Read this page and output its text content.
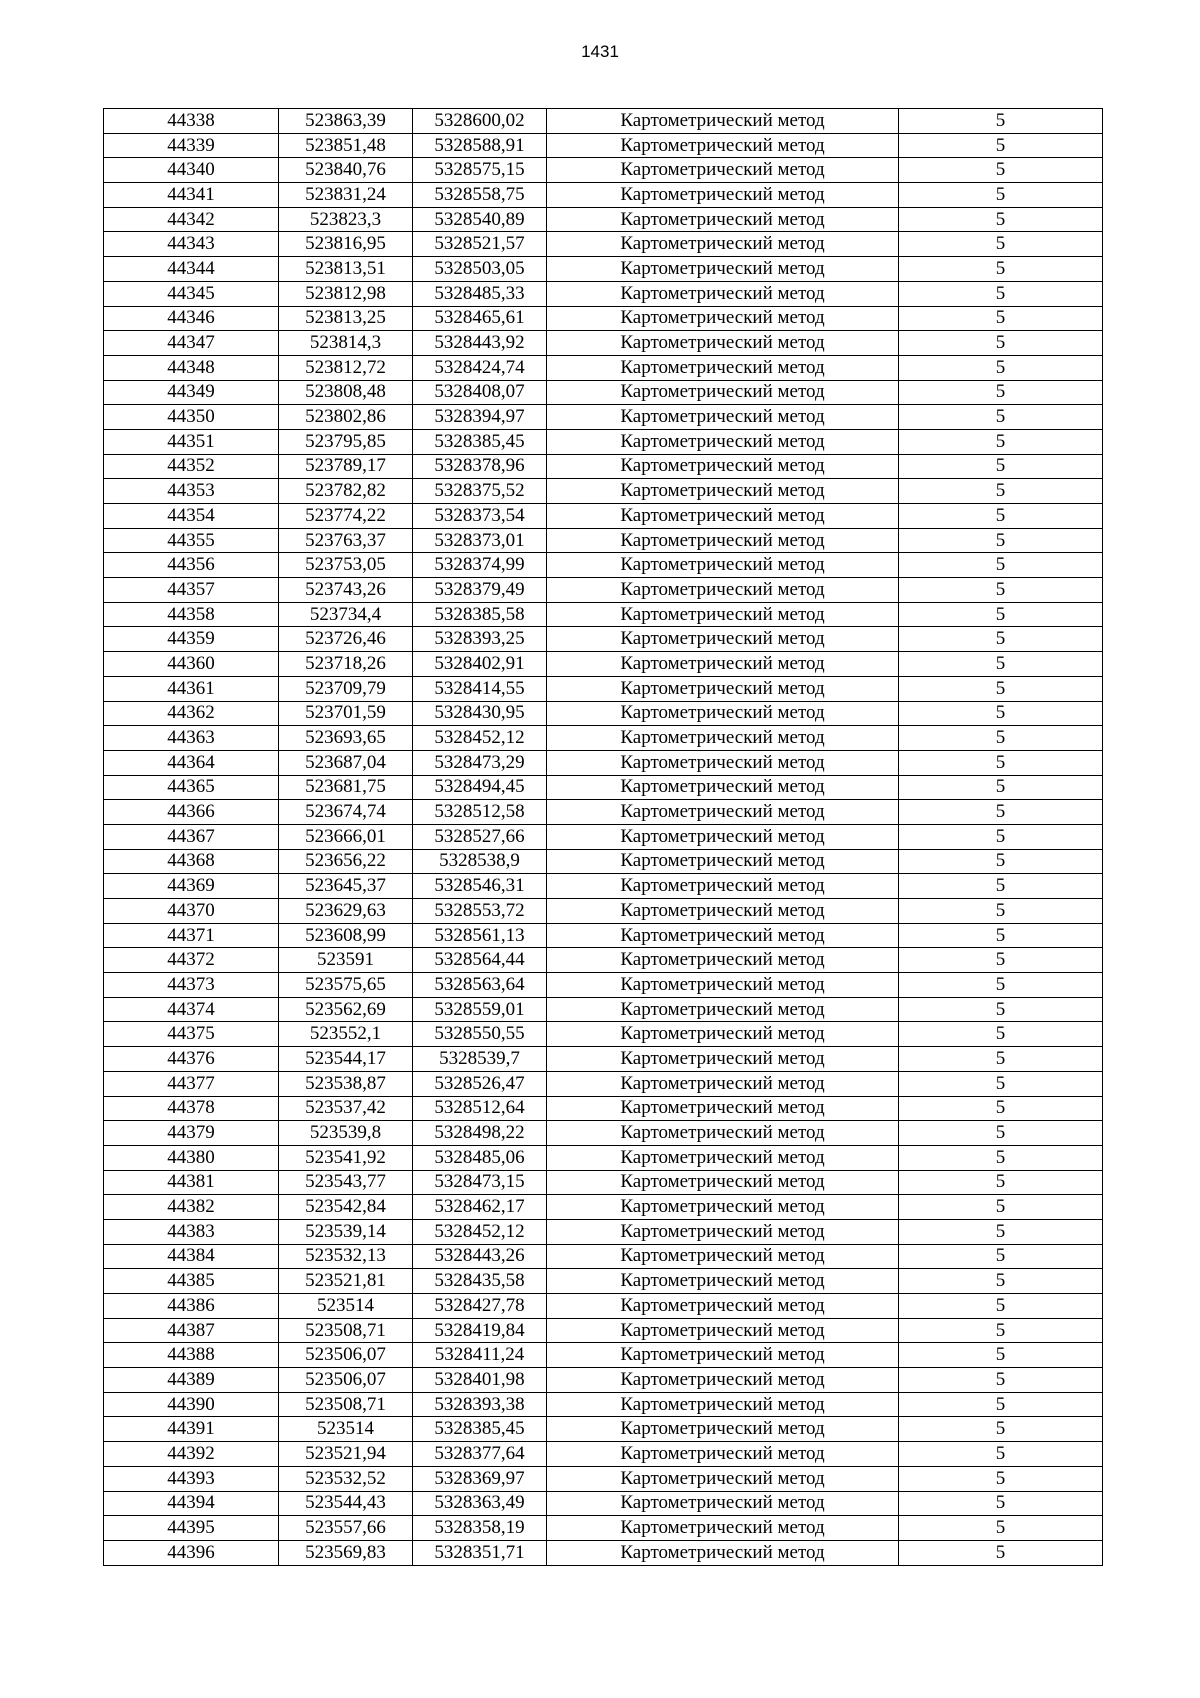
1431
44338	523863,39	5328600,02	Картометрический метод	5
44339	523851,48	5328588,91	Картометрический метод	5
44340	523840,76	5328575,15	Картометрический метод	5
44341	523831,24	5328558,75	Картометрический метод	5
44342	523823,3	5328540,89	Картометрический метод	5
44343	523816,95	5328521,57	Картометрический метод	5
44344	523813,51	5328503,05	Картометрический метод	5
44345	523812,98	5328485,33	Картометрический метод	5
44346	523813,25	5328465,61	Картометрический метод	5
44347	523814,3	5328443,92	Картометрический метод	5
44348	523812,72	5328424,74	Картометрический метод	5
44349	523808,48	5328408,07	Картометрический метод	5
44350	523802,86	5328394,97	Картометрический метод	5
44351	523795,85	5328385,45	Картометрический метод	5
44352	523789,17	5328378,96	Картометрический метод	5
44353	523782,82	5328375,52	Картометрический метод	5
44354	523774,22	5328373,54	Картометрический метод	5
44355	523763,37	5328373,01	Картометрический метод	5
44356	523753,05	5328374,99	Картометрический метод	5
44357	523743,26	5328379,49	Картометрический метод	5
44358	523734,4	5328385,58	Картометрический метод	5
44359	523726,46	5328393,25	Картометрический метод	5
44360	523718,26	5328402,91	Картометрический метод	5
44361	523709,79	5328414,55	Картометрический метод	5
44362	523701,59	5328430,95	Картометрический метод	5
44363	523693,65	5328452,12	Картометрический метод	5
44364	523687,04	5328473,29	Картометрический метод	5
44365	523681,75	5328494,45	Картометрический метод	5
44366	523674,74	5328512,58	Картометрический метод	5
44367	523666,01	5328527,66	Картометрический метод	5
44368	523656,22	5328538,9	Картометрический метод	5
44369	523645,37	5328546,31	Картометрический метод	5
44370	523629,63	5328553,72	Картометрический метод	5
44371	523608,99	5328561,13	Картометрический метод	5
44372	523591	5328564,44	Картометрический метод	5
44373	523575,65	5328563,64	Картометрический метод	5
44374	523562,69	5328559,01	Картометрический метод	5
44375	523552,1	5328550,55	Картометрический метод	5
44376	523544,17	5328539,7	Картометрический метод	5
44377	523538,87	5328526,47	Картометрический метод	5
44378	523537,42	5328512,64	Картометрический метод	5
44379	523539,8	5328498,22	Картометрический метод	5
44380	523541,92	5328485,06	Картометрический метод	5
44381	523543,77	5328473,15	Картометрический метод	5
44382	523542,84	5328462,17	Картометрический метод	5
44383	523539,14	5328452,12	Картометрический метод	5
44384	523532,13	5328443,26	Картометрический метод	5
44385	523521,81	5328435,58	Картометрический метод	5
44386	523514	5328427,78	Картометрический метод	5
44387	523508,71	5328419,84	Картометрический метод	5
44388	523506,07	5328411,24	Картометрический метод	5
44389	523506,07	5328401,98	Картометрический метод	5
44390	523508,71	5328393,38	Картометрический метод	5
44391	523514	5328385,45	Картометрический метод	5
44392	523521,94	5328377,64	Картометрический метод	5
44393	523532,52	5328369,97	Картометрический метод	5
44394	523544,43	5328363,49	Картометрический метод	5
44395	523557,66	5328358,19	Картометрический метод	5
44396	523569,83	5328351,71	Картометрический метод	5
